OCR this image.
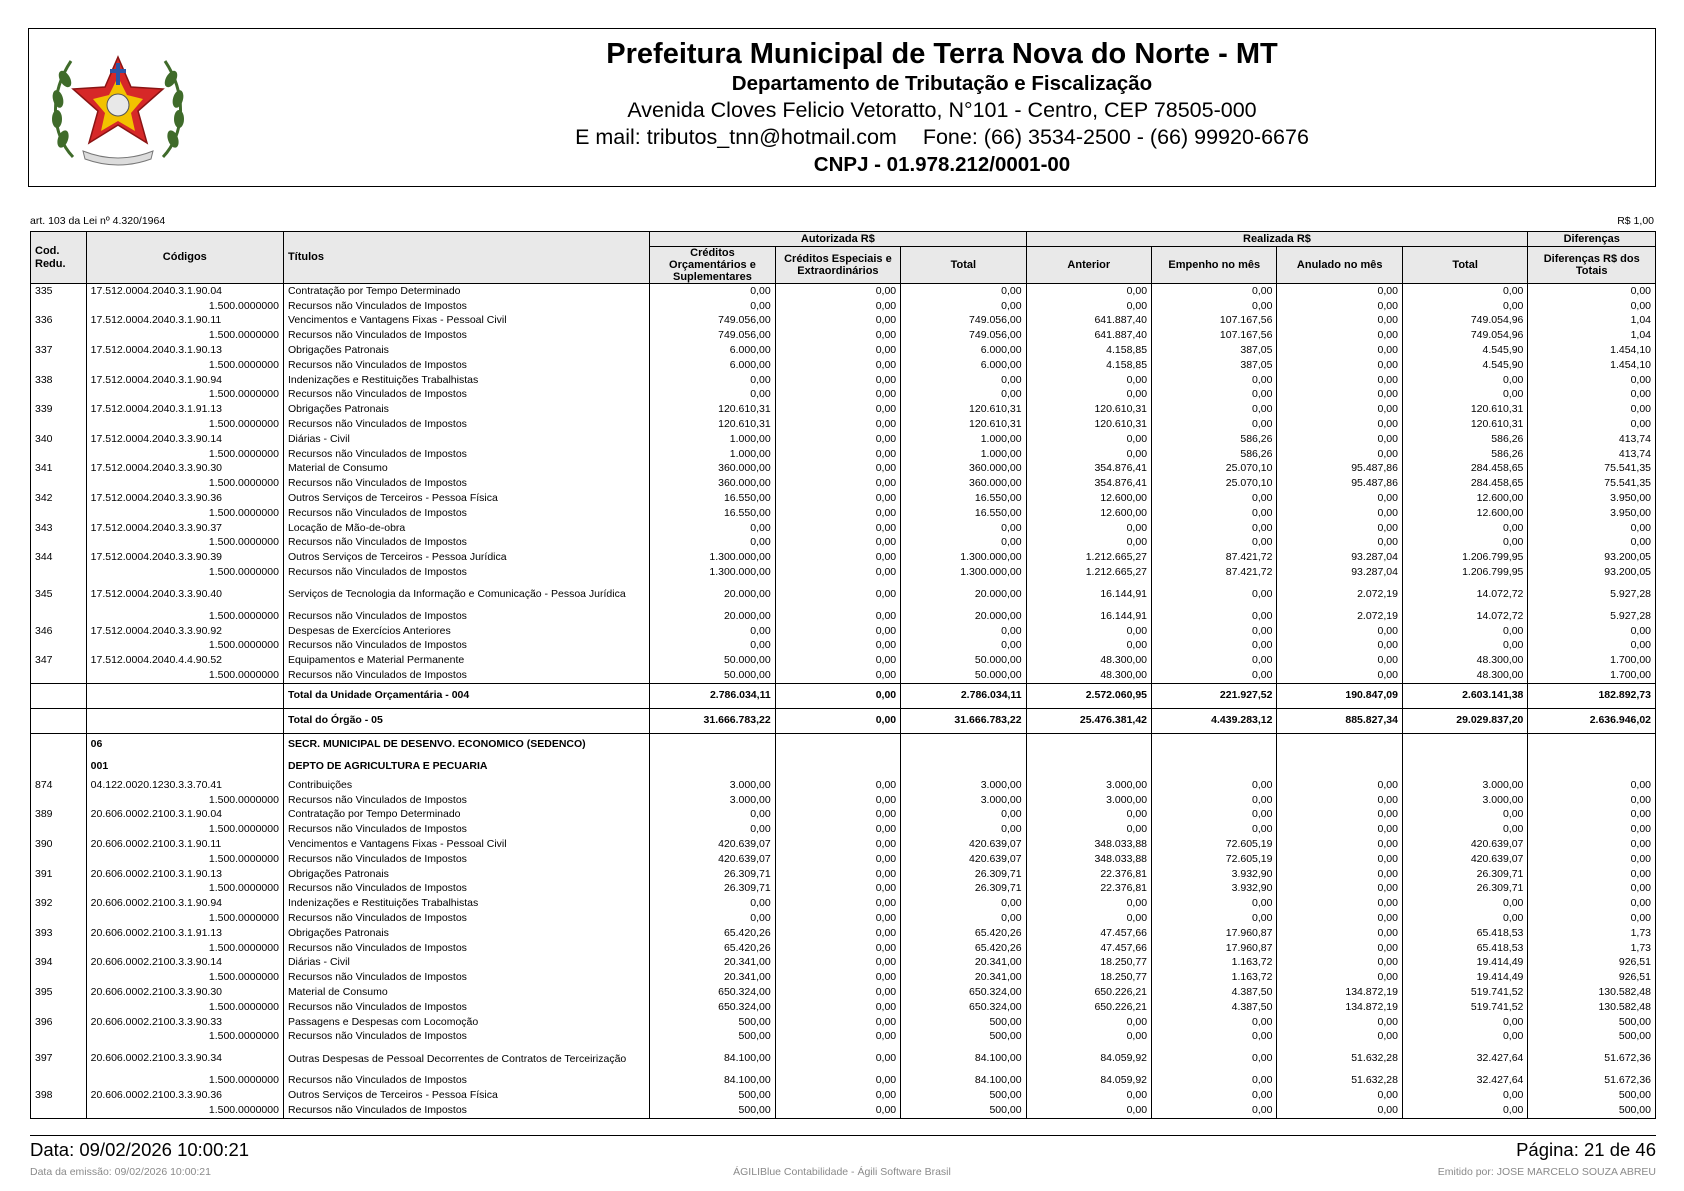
Prefeitura Municipal de Terra Nova do Norte - MT
Departamento de Tributação e Fiscalização
Avenida Cloves Felicio Vetoratto, N°101 - Centro, CEP 78505-000
E mail: tributos_tnn@hotmail.com Fone: (66) 3534-2500 - (66) 99920-6676
CNPJ - 01.978.212/0001-00
art. 103 da Lei nº 4.320/1964	R$ 1,00
Cod. Redu.	Códigos	Títulos	Autorizada R$			Realizada R$				Diferenças
			Créditos Orçamentários e Suplementares	Créditos Especiais e Extraordinários	Total	Anterior	Empenho no mês	Anulado no mês	Total	Diferenças R$ dos Totais
335	17.512.0004.2040.3.1.90.04	Contratação por Tempo Determinado	0,00	0,00	0,00	0,00	0,00	0,00	0,00	0,00
	1.500.0000000	Recursos não Vinculados de Impostos	0,00	0,00	0,00	0,00	0,00	0,00	0,00	0,00
336	17.512.0004.2040.3.1.90.11	Vencimentos e Vantagens Fixas - Pessoal Civil	749.056,00	0,00	749.056,00	641.887,40	107.167,56	0,00	749.054,96	1,04
	1.500.0000000	Recursos não Vinculados de Impostos	749.056,00	0,00	749.056,00	641.887,40	107.167,56	0,00	749.054,96	1,04
337	17.512.0004.2040.3.1.90.13	Obrigações Patronais	6.000,00	0,00	6.000,00	4.158,85	387,05	0,00	4.545,90	1.454,10
	1.500.0000000	Recursos não Vinculados de Impostos	6.000,00	0,00	6.000,00	4.158,85	387,05	0,00	4.545,90	1.454,10
338	17.512.0004.2040.3.1.90.94	Indenizações e Restituições Trabalhistas	0,00	0,00	0,00	0,00	0,00	0,00	0,00	0,00
	1.500.0000000	Recursos não Vinculados de Impostos	0,00	0,00	0,00	0,00	0,00	0,00	0,00	0,00
339	17.512.0004.2040.3.1.91.13	Obrigações Patronais	120.610,31	0,00	120.610,31	120.610,31	0,00	0,00	120.610,31	0,00
	1.500.0000000	Recursos não Vinculados de Impostos	120.610,31	0,00	120.610,31	120.610,31	0,00	0,00	120.610,31	0,00
340	17.512.0004.2040.3.3.90.14	Diárias - Civil	1.000,00	0,00	1.000,00	0,00	586,26	0,00	586,26	413,74
	1.500.0000000	Recursos não Vinculados de Impostos	1.000,00	0,00	1.000,00	0,00	586,26	0,00	586,26	413,74
341	17.512.0004.2040.3.3.90.30	Material de Consumo	360.000,00	0,00	360.000,00	354.876,41	25.070,10	95.487,86	284.458,65	75.541,35
	1.500.0000000	Recursos não Vinculados de Impostos	360.000,00	0,00	360.000,00	354.876,41	25.070,10	95.487,86	284.458,65	75.541,35
342	17.512.0004.2040.3.3.90.36	Outros Serviços de Terceiros - Pessoa Física	16.550,00	0,00	16.550,00	12.600,00	0,00	0,00	12.600,00	3.950,00
	1.500.0000000	Recursos não Vinculados de Impostos	16.550,00	0,00	16.550,00	12.600,00	0,00	0,00	12.600,00	3.950,00
343	17.512.0004.2040.3.3.90.37	Locação de Mão-de-obra	0,00	0,00	0,00	0,00	0,00	0,00	0,00	0,00
	1.500.0000000	Recursos não Vinculados de Impostos	0,00	0,00	0,00	0,00	0,00	0,00	0,00	0,00
344	17.512.0004.2040.3.3.90.39	Outros Serviços de Terceiros - Pessoa Jurídica	1.300.000,00	0,00	1.300.000,00	1.212.665,27	87.421,72	93.287,04	1.206.799,95	93.200,05
	1.500.0000000	Recursos não Vinculados de Impostos	1.300.000,00	0,00	1.300.000,00	1.212.665,27	87.421,72	93.287,04	1.206.799,95	93.200,05
345	17.512.0004.2040.3.3.90.40	Serviços de Tecnologia da Informação e Comunicação - Pessoa Jurídica	20.000,00	0,00	20.000,00	16.144,91	0,00	2.072,19	14.072,72	5.927,28
	1.500.0000000	Recursos não Vinculados de Impostos	20.000,00	0,00	20.000,00	16.144,91	0,00	2.072,19	14.072,72	5.927,28
346	17.512.0004.2040.3.3.90.92	Despesas de Exercícios Anteriores	0,00	0,00	0,00	0,00	0,00	0,00	0,00	0,00
	1.500.0000000	Recursos não Vinculados de Impostos	0,00	0,00	0,00	0,00	0,00	0,00	0,00	0,00
347	17.512.0004.2040.4.4.90.52	Equipamentos e Material Permanente	50.000,00	0,00	50.000,00	48.300,00	0,00	0,00	48.300,00	1.700,00
	1.500.0000000	Recursos não Vinculados de Impostos	50.000,00	0,00	50.000,00	48.300,00	0,00	0,00	48.300,00	1.700,00
		Total da Unidade Orçamentária - 004	2.786.034,11	0,00	2.786.034,11	2.572.060,95	221.927,52	190.847,09	2.603.141,38	182.892,73
		Total do Órgão - 05	31.666.783,22	0,00	31.666.783,22	25.476.381,42	4.439.283,12	885.827,34	29.029.837,20	2.636.946,02
	06	SECR. MUNICIPAL DE DESENVO. ECONOMICO (SEDENCO)								
	001	DEPTO DE AGRICULTURA E PECUARIA								
874	04.122.0020.1230.3.3.70.41	Contribuições	3.000,00	0,00	3.000,00	3.000,00	0,00	0,00	3.000,00	0,00
	1.500.0000000	Recursos não Vinculados de Impostos	3.000,00	0,00	3.000,00	3.000,00	0,00	0,00	3.000,00	0,00
389	20.606.0002.2100.3.1.90.04	Contratação por Tempo Determinado	0,00	0,00	0,00	0,00	0,00	0,00	0,00	0,00
	1.500.0000000	Recursos não Vinculados de Impostos	0,00	0,00	0,00	0,00	0,00	0,00	0,00	0,00
390	20.606.0002.2100.3.1.90.11	Vencimentos e Vantagens Fixas - Pessoal Civil	420.639,07	0,00	420.639,07	348.033,88	72.605,19	0,00	420.639,07	0,00
	1.500.0000000	Recursos não Vinculados de Impostos	420.639,07	0,00	420.639,07	348.033,88	72.605,19	0,00	420.639,07	0,00
391	20.606.0002.2100.3.1.90.13	Obrigações Patronais	26.309,71	0,00	26.309,71	22.376,81	3.932,90	0,00	26.309,71	0,00
	1.500.0000000	Recursos não Vinculados de Impostos	26.309,71	0,00	26.309,71	22.376,81	3.932,90	0,00	26.309,71	0,00
392	20.606.0002.2100.3.1.90.94	Indenizações e Restituições Trabalhistas	0,00	0,00	0,00	0,00	0,00	0,00	0,00	0,00
	1.500.0000000	Recursos não Vinculados de Impostos	0,00	0,00	0,00	0,00	0,00	0,00	0,00	0,00
393	20.606.0002.2100.3.1.91.13	Obrigações Patronais	65.420,26	0,00	65.420,26	47.457,66	17.960,87	0,00	65.418,53	1,73
	1.500.0000000	Recursos não Vinculados de Impostos	65.420,26	0,00	65.420,26	47.457,66	17.960,87	0,00	65.418,53	1,73
394	20.606.0002.2100.3.3.90.14	Diárias - Civil	20.341,00	0,00	20.341,00	18.250,77	1.163,72	0,00	19.414,49	926,51
	1.500.0000000	Recursos não Vinculados de Impostos	20.341,00	0,00	20.341,00	18.250,77	1.163,72	0,00	19.414,49	926,51
395	20.606.0002.2100.3.3.90.30	Material de Consumo	650.324,00	0,00	650.324,00	650.226,21	4.387,50	134.872,19	519.741,52	130.582,48
	1.500.0000000	Recursos não Vinculados de Impostos	650.324,00	0,00	650.324,00	650.226,21	4.387,50	134.872,19	519.741,52	130.582,48
396	20.606.0002.2100.3.3.90.33	Passagens e Despesas com Locomoção	500,00	0,00	500,00	0,00	0,00	0,00	0,00	500,00
	1.500.0000000	Recursos não Vinculados de Impostos	500,00	0,00	500,00	0,00	0,00	0,00	0,00	500,00
397	20.606.0002.2100.3.3.90.34	Outras Despesas de Pessoal Decorrentes de Contratos de Terceirização	84.100,00	0,00	84.100,00	84.059,92	0,00	51.632,28	32.427,64	51.672,36
	1.500.0000000	Recursos não Vinculados de Impostos	84.100,00	0,00	84.100,00	84.059,92	0,00	51.632,28	32.427,64	51.672,36
398	20.606.0002.2100.3.3.90.36	Outros Serviços de Terceiros - Pessoa Física	500,00	0,00	500,00	0,00	0,00	0,00	0,00	500,00
	1.500.0000000	Recursos não Vinculados de Impostos	500,00	0,00	500,00	0,00	0,00	0,00	0,00	500,00
Data: 09/02/2026 10:00:21	Página: 21 de 46
Data da emissão: 09/02/2026 10:00:21	ÁGILIBlue Contabilidade - Ágili Software Brasil	Emitido por: JOSE MARCELO SOUZA ABREU
